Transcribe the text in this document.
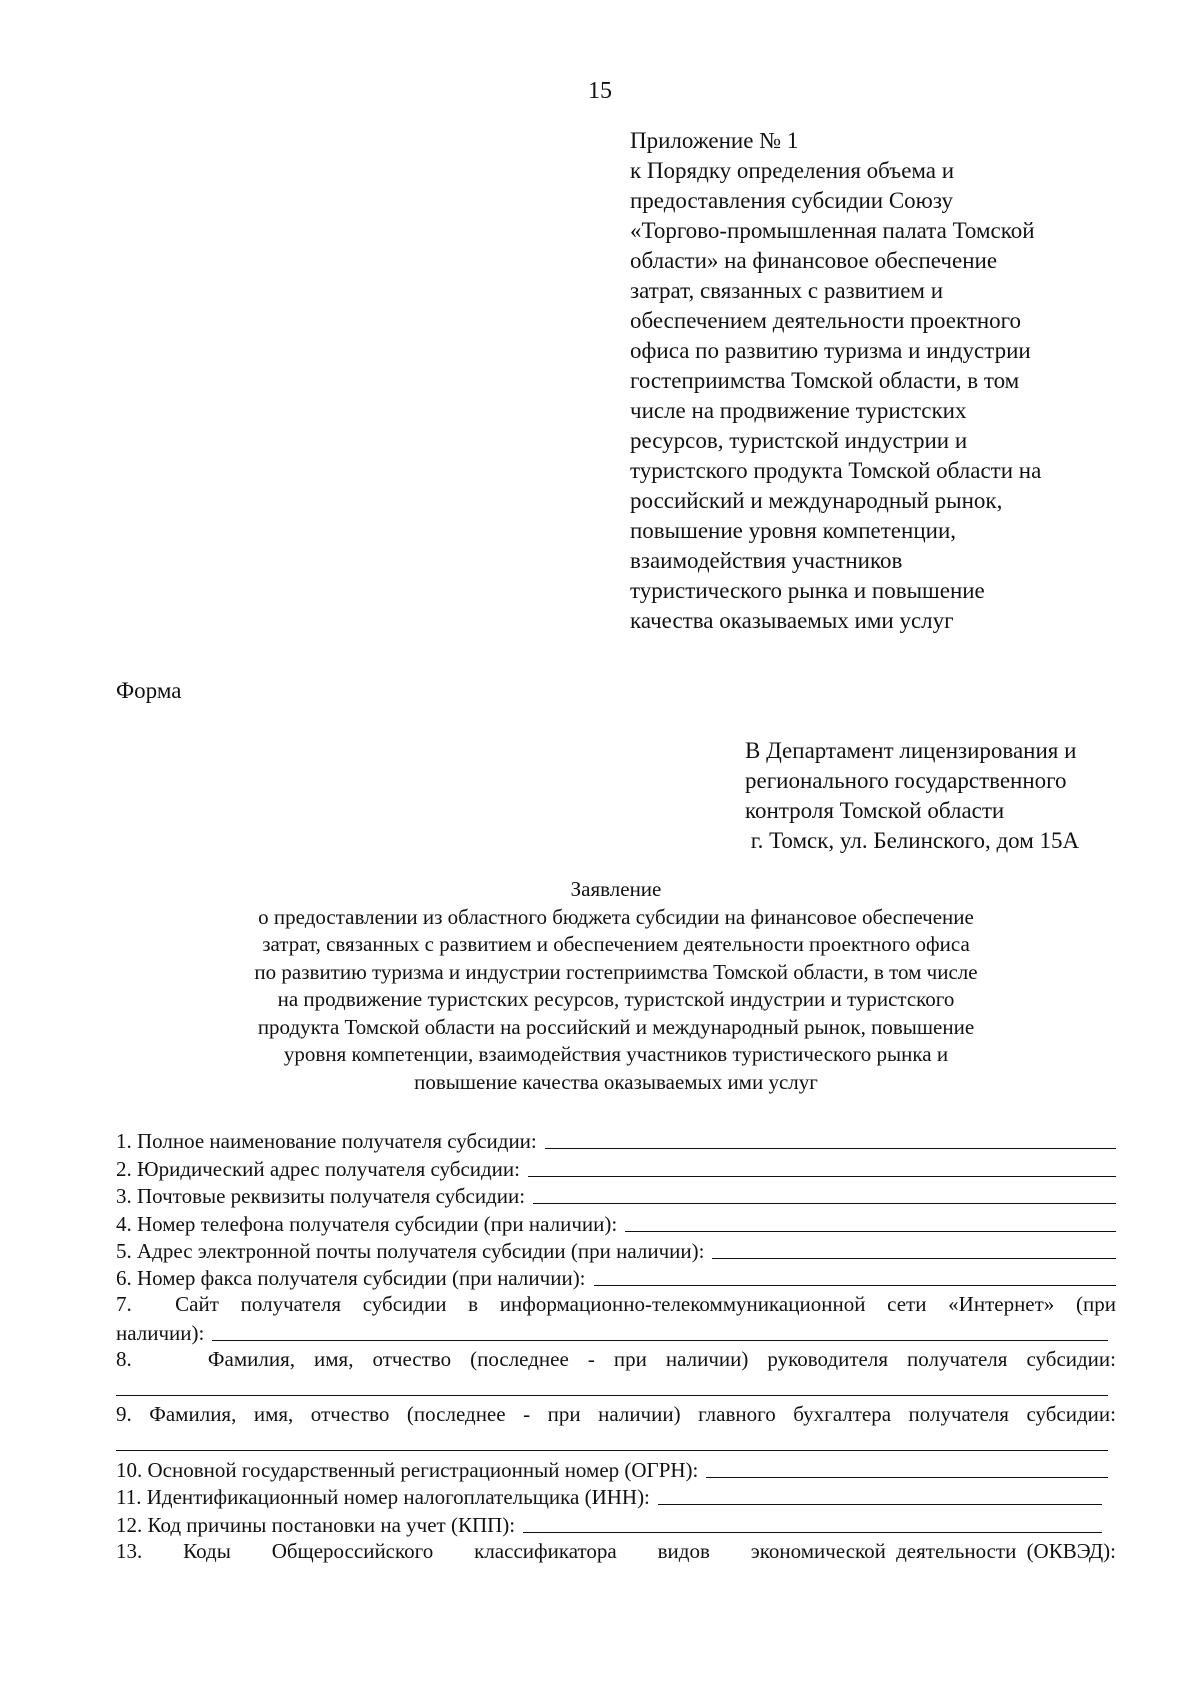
15
Приложение № 1
к Порядку определения объема и
предоставления субсидии Союзу
«Торгово-промышленная палата Томской
области» на финансовое обеспечение
затрат, связанных с развитием и
обеспечением деятельности проектного
офиса по развитию туризма и индустрии
гостеприимства Томской области, в том
числе на продвижение туристских
ресурсов, туристской индустрии и
туристского продукта Томской области на
российский и международный рынок,
повышение уровня компетенции,
взаимодействия участников
туристического рынка и повышение
качества оказываемых ими услуг
Форма
В Департамент лицензирования и
регионального государственного
контроля Томской области
г. Томск, ул. Белинского, дом 15А
Заявление
о предоставлении из областного бюджета субсидии на финансовое обеспечение
затрат, связанных с развитием и обеспечением деятельности проектного офиса
по развитию туризма и индустрии гостеприимства Томской области, в том числе
на продвижение туристских ресурсов, туристской индустрии и туристского
продукта Томской области на российский и международный рынок, повышение
уровня компетенции, взаимодействия участников туристического рынка и
повышение качества оказываемых ими услуг
1. Полное наименование получателя субсидии:
2. Юридический адрес получателя субсидии:
3. Почтовые реквизиты получателя субсидии:
4. Номер телефона получателя субсидии (при наличии):
5. Адрес электронной почты получателя субсидии (при наличии):
6. Номер факса получателя субсидии (при наличии):
7.  Сайт получателя субсидии в информационно-телекоммуникационной сети «Интернет» (при
наличии):
8.    Фамилия, имя, отчество (последнее - при наличии) руководителя получателя субсидии:
9. Фамилия, имя, отчество (последнее - при наличии) главного бухгалтера получателя субсидии:
10. Основной государственный регистрационный номер (ОГРН):
11. Идентификационный номер налогоплательщика (ИНН):
12. Код причины постановки на учет (КПП):
13.    Коды    Общероссийского    классификатора    видов    экономической деятельности (ОКВЭД):
